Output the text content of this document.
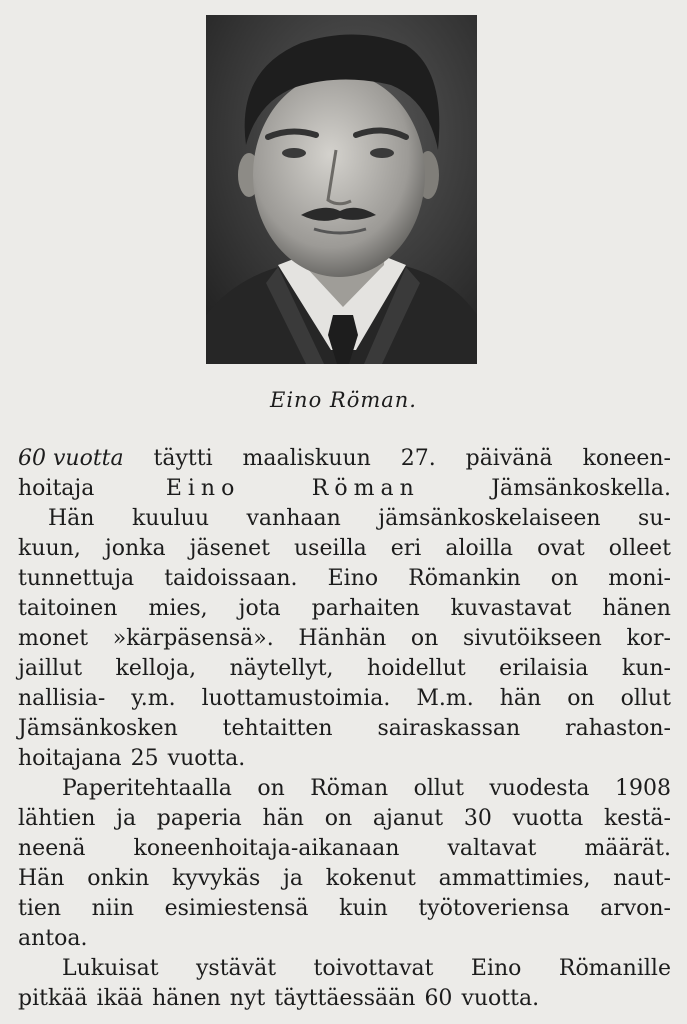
Eino Röman.
60 vuotta täytti maaliskuun 27. päivänä koneen-
hoitaja	Eino	Röman	Jämsänkoskella.
Hän kuuluu vanhaan jämsänkoskelaiseen su-
kuun, jonka jäsenet useilla eri aloilla ovat olleet
tunnettuja taidoissaan. Eino Römankin on moni-
taitoinen mies, jota parhaiten kuvastavat hänen
monet »kärpäsensä». Hänhän on sivutöikseen kor-
jaillut kelloja, näytellyt, hoidellut erilaisia kun-
nallisia- y.m. luottamustoimia. M.m. hän on ollut
Jämsänkosken tehtaitten sairaskassan rahaston-
hoitajana 25 vuotta.
Paperitehtaalla on Röman ollut vuodesta 1908
lähtien ja paperia hän on ajanut 30 vuotta kestä-
neenä koneenhoitaja-aikanaan valtavat määrät.
Hän onkin kyvykäs ja kokenut ammattimies, naut-
tien niin esimiestensä kuin työtoveriensa arvon-
antoa.
Lukuisat ystävät toivottavat Eino Römanille
pitkää ikää hänen nyt täyttäessään 60 vuotta.
